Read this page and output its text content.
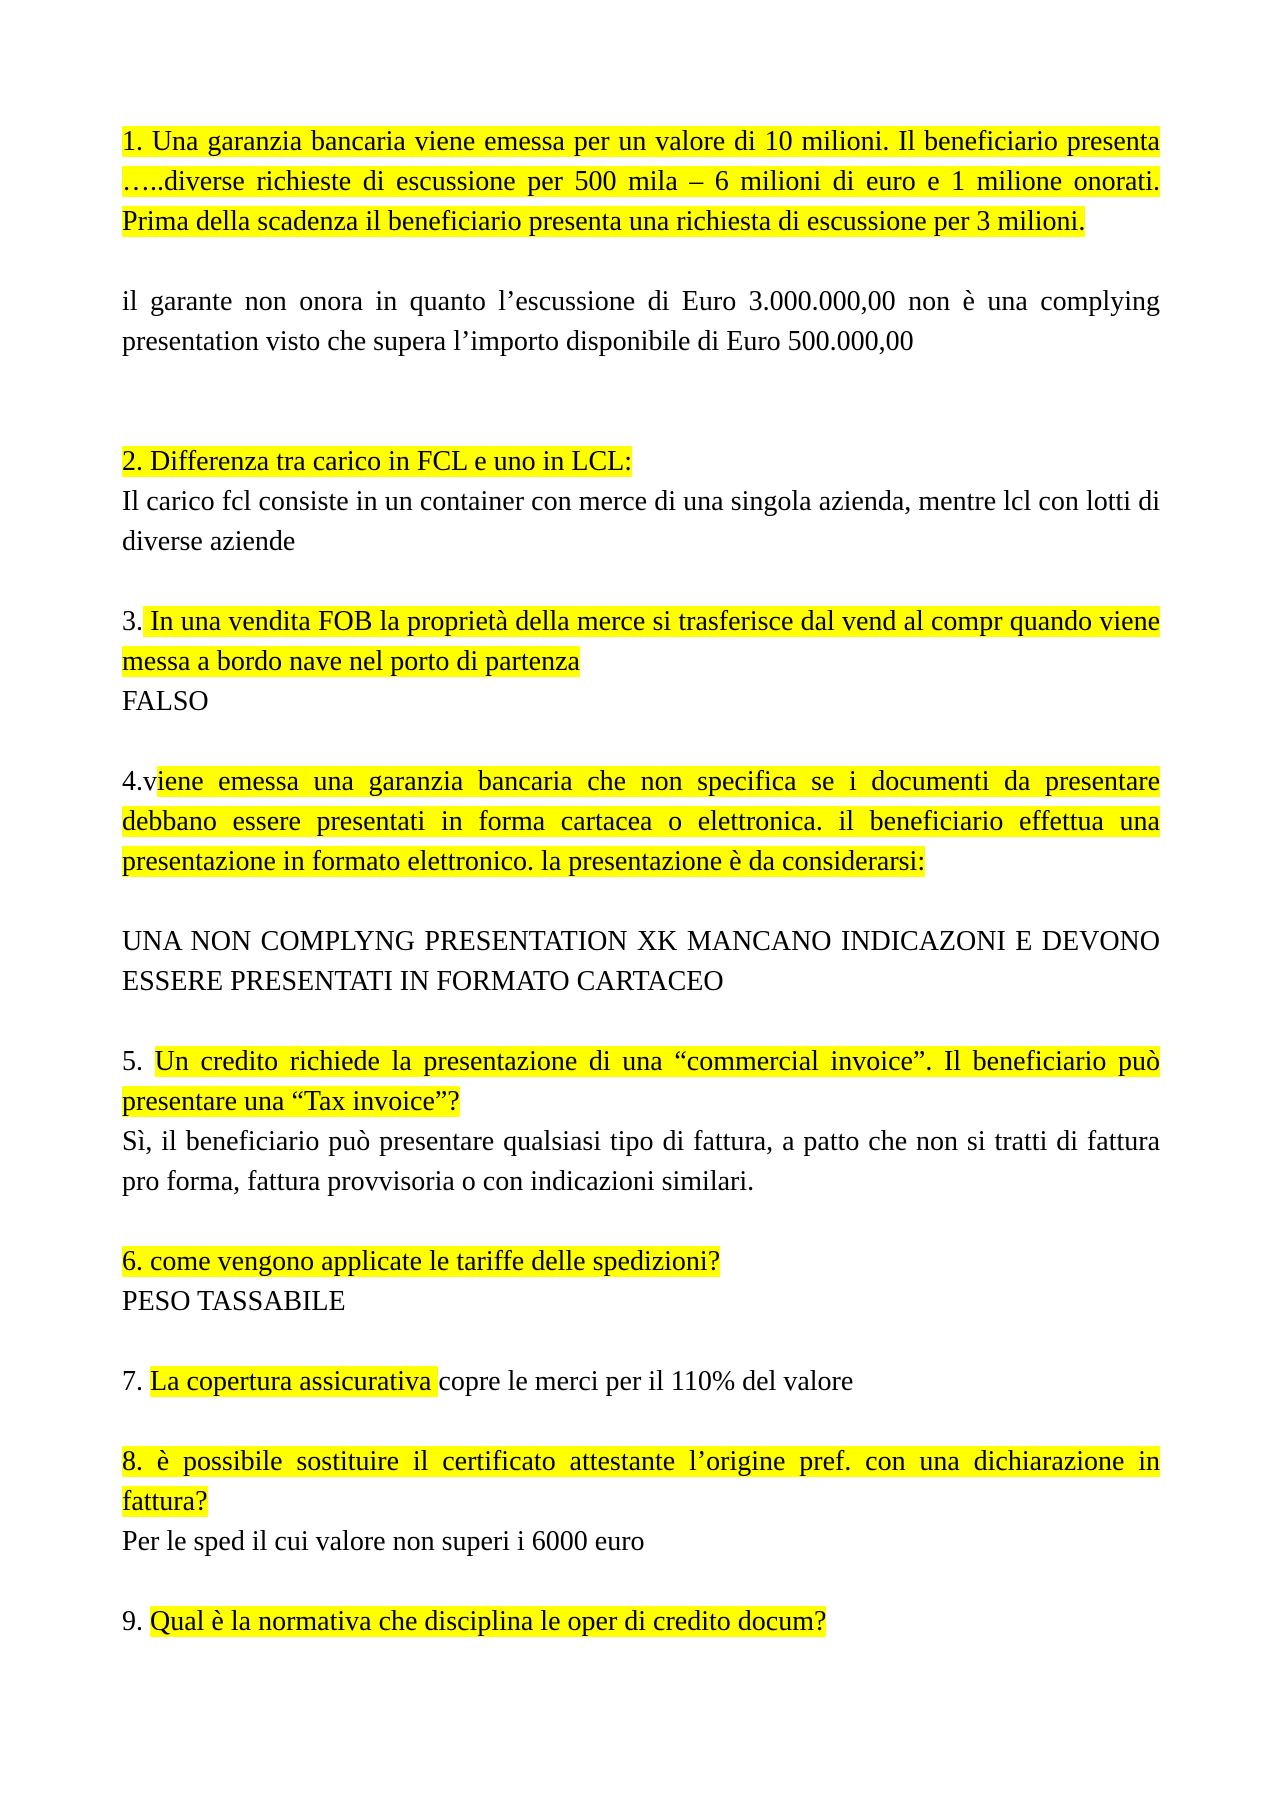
1. Una garanzia bancaria viene emessa per un valore di 10 milioni. Il beneficiario presenta …..diverse richieste di escussione per 500 mila – 6 milioni di euro e 1 milione onorati. Prima della scadenza il beneficiario presenta una richiesta di escussione per 3 milioni.

il garante non onora in quanto l’escussione di Euro 3.000.000,00 non è una complying presentation visto che supera l’importo disponibile di Euro 500.000,00

2. Differenza tra carico in FCL e uno in LCL:

Il carico fcl consiste in un container con merce di una singola azienda, mentre lcl con lotti di diverse aziende

3. In una vendita FOB la proprietà della merce si trasferisce dal vend al compr quando viene messa a bordo nave nel porto di partenza

FALSO

4.viene emessa una garanzia bancaria che non specifica se i documenti da presentare debbano essere presentati in forma cartacea o elettronica. il beneficiario effettua una presentazione in formato elettronico. la presentazione è da considerarsi:

UNA NON COMPLYNG PRESENTATION XK MANCANO INDICAZONI E DEVONO ESSERE PRESENTATI IN FORMATO CARTACEO

5. Un credito richiede la presentazione di una “commercial invoice”. Il beneficiario può presentare una “Tax invoice”?

Sì, il beneficiario può presentare qualsiasi tipo di fattura, a patto che non si tratti di fattura pro forma, fattura provvisoria o con indicazioni similari.

6. come vengono applicate le tariffe delle spedizioni?

PESO TASSABILE

7. La copertura assicurativa copre le merci per il 110% del valore

8. è possibile sostituire il certificato attestante l’origine pref. con una dichiarazione in fattura?

Per le sped il cui valore non superi i 6000 euro

9. Qual è la normativa che disciplina le oper di credito docum?
